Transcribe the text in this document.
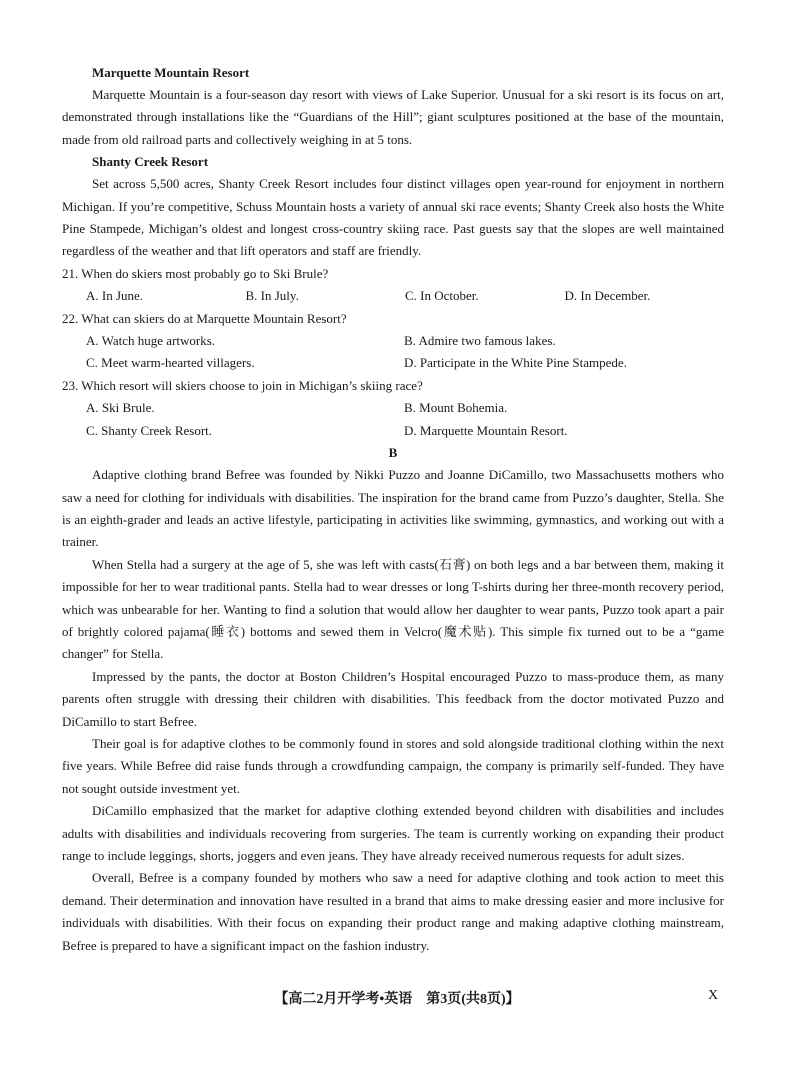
Marquette Mountain Resort

Marquette Mountain is a four-season day resort with views of Lake Superior. Unusual for a ski resort is its focus on art, demonstrated through installations like the “Guardians of the Hill”; giant sculptures positioned at the base of the mountain, made from old railroad parts and collectively weighing in at 5 tons.

Shanty Creek Resort

Set across 5,500 acres, Shanty Creek Resort includes four distinct villages open year-round for enjoyment in northern Michigan. If you’re competitive, Schuss Mountain hosts a variety of annual ski race events; Shanty Creek also hosts the White Pine Stampede, Michigan’s oldest and longest cross-country skiing race. Past guests say that the slopes are well maintained regardless of the weather and that lift operators and staff are friendly.

21. When do skiers most probably go to Ski Brule?

A. In June.	B. In July.	C. In October.	D. In December.

22. What can skiers do at Marquette Mountain Resort?

A. Watch huge artworks.	B. Admire two famous lakes.
C. Meet warm-hearted villagers.	D. Participate in the White Pine Stampede.

23. Which resort will skiers choose to join in Michigan’s skiing race?

A. Ski Brule.	B. Mount Bohemia.
C. Shanty Creek Resort.	D. Marquette Mountain Resort.

B

Adaptive clothing brand Befree was founded by Nikki Puzzo and Joanne DiCamillo, two Massachusetts mothers who saw a need for clothing for individuals with disabilities. The inspiration for the brand came from Puzzo’s daughter, Stella. She is an eighth-grader and leads an active lifestyle, participating in activities like swimming, gymnastics, and working out with a trainer.

When Stella had a surgery at the age of 5, she was left with casts(石膏) on both legs and a bar between them, making it impossible for her to wear traditional pants. Stella had to wear dresses or long T-shirts during her three-month recovery period, which was unbearable for her. Wanting to find a solution that would allow her daughter to wear pants, Puzzo took apart a pair of brightly colored pajama(睡衣) bottoms and sewed them in Velcro(魔术贴). This simple fix turned out to be a “game changer” for Stella.

Impressed by the pants, the doctor at Boston Children’s Hospital encouraged Puzzo to mass-produce them, as many parents often struggle with dressing their children with disabilities. This feedback from the doctor motivated Puzzo and DiCamillo to start Befree.

Their goal is for adaptive clothes to be commonly found in stores and sold alongside traditional clothing within the next five years. While Befree did raise funds through a crowdfunding campaign, the company is primarily self-funded. They have not sought outside investment yet.

DiCamillo emphasized that the market for adaptive clothing extended beyond children with disabilities and includes adults with disabilities and individuals recovering from surgeries. The team is currently working on expanding their product range to include leggings, shorts, joggers and even jeans. They have already received numerous requests for adult sizes.

Overall, Befree is a company founded by mothers who saw a need for adaptive clothing and took action to meet this demand. Their determination and innovation have resulted in a brand that aims to make dressing easier and more inclusive for individuals with disabilities. With their focus on expanding their product range and making adaptive clothing mainstream, Befree is prepared to have a significant impact on the fashion industry.

【高二2月开学考•英语　第3页(共8页)】	X
